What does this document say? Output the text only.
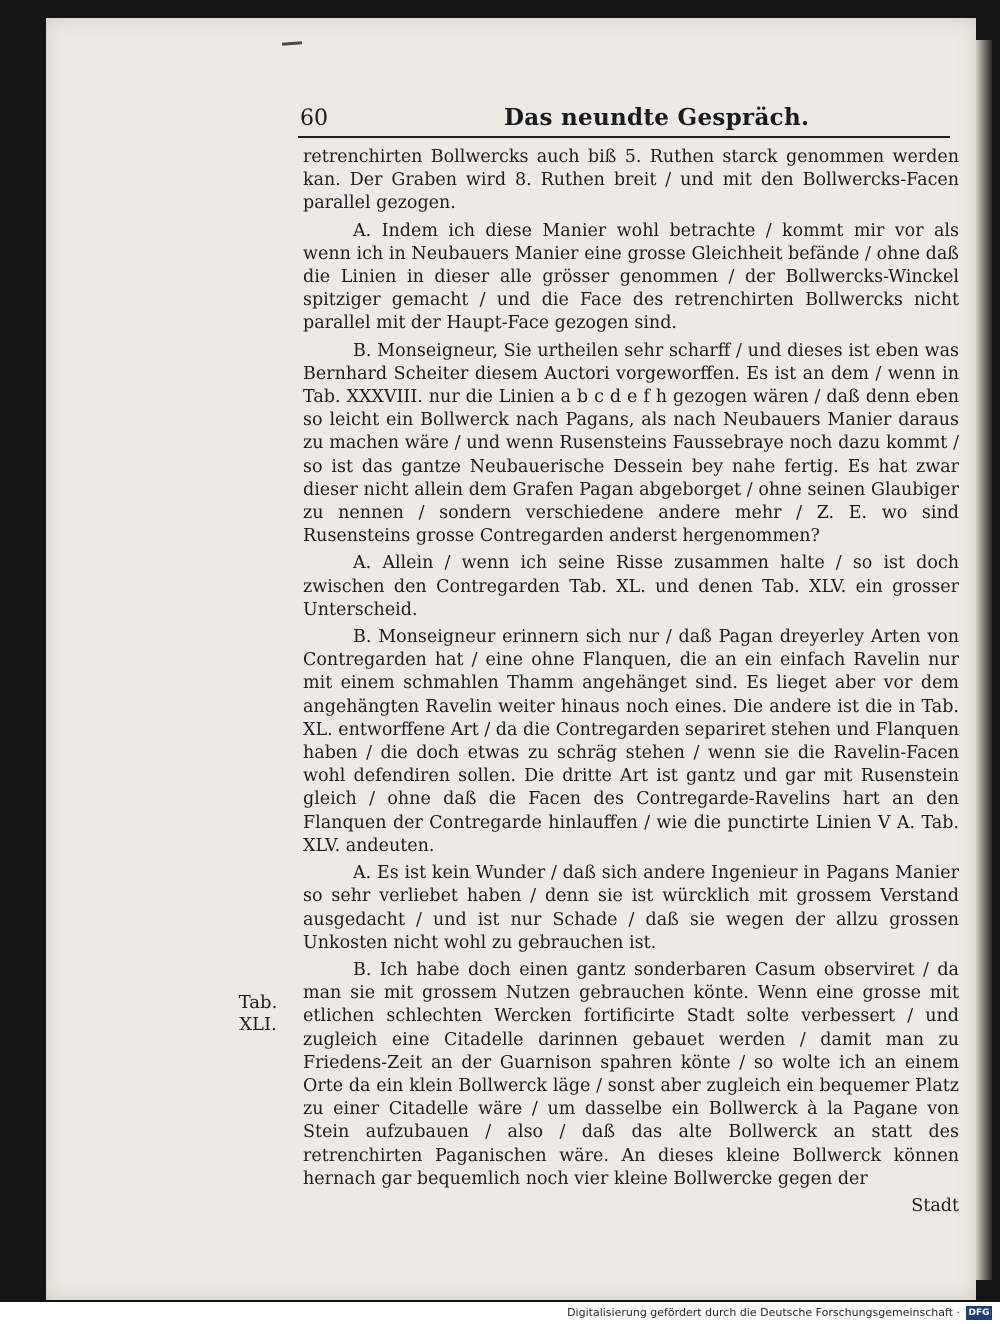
60	Das neundte Gespräch.

retrenchirten Bollwercks auch biß 5. Ruthen starck genommen werden kan. Der Graben wird 8. Ruthen breit / und mit den Bollwercks-Facen parallel gezogen.

A. Indem ich diese Manier wohl betrachte / kommt mir vor als wenn ich in Neubauers Manier eine grosse Gleichheit befände / ohne daß die Linien in dieser alle grösser genommen / der Bollwercks-Winckel spitziger gemacht / und die Face des retrenchirten Bollwercks nicht parallel mit der Haupt-Face gezogen sind.

B. Monseigneur, Sie urtheilen sehr scharff / und dieses ist eben was Bernhard Scheiter diesem Auctori vorgeworffen. Es ist an dem / wenn in Tab. XXXVIII. nur die Linien a b c d e f h gezogen wären / daß denn eben so leicht ein Bollwerck nach Pagans, als nach Neubauers Manier daraus zu machen wäre / und wenn Rusensteins Faussebraye noch dazu kommt / so ist das gantze Neubauerische Dessein bey nahe fertig. Es hat zwar dieser nicht allein dem Grafen Pagan abgeborget / ohne seinen Glaubiger zu nennen / sondern verschiedene andere mehr / Z. E. wo sind Rusensteins grosse Contregarden anderst hergenommen?

A. Allein / wenn ich seine Risse zusammen halte / so ist doch zwischen den Contregarden Tab. XL. und denen Tab. XLV. ein grosser Unterscheid.

B. Monseigneur erinnern sich nur / daß Pagan dreyerley Arten von Contregarden hat / eine ohne Flanquen, die an ein einfach Ravelin nur mit einem schmahlen Thamm angehänget sind. Es lieget aber vor dem angehängten Ravelin weiter hinaus noch eines. Die andere ist die in Tab. XL. entworffene Art / da die Contregarden separiret stehen und Flanquen haben / die doch etwas zu schräg stehen / wenn sie die Ravelin-Facen wohl defendiren sollen. Die dritte Art ist gantz und gar mit Rusenstein gleich / ohne daß die Facen des Contregarde-Ravelins hart an den Flanquen der Contregarde hinlauffen / wie die punctirte Linien V A. Tab. XLV. andeuten.

A. Es ist kein Wunder / daß sich andere Ingenieur in Pagans Manier so sehr verliebet haben / denn sie ist würcklich mit grossem Verstand ausgedacht / und ist nur Schade / daß sie wegen der allzu grossen Unkosten nicht wohl zu gebrauchen ist.

B. Ich habe doch einen gantz sonderbaren Casum observiret / da man sie mit grossem Nutzen gebrauchen könte. Wenn eine grosse mit etlichen schlechten Wercken fortificirte Stadt solte verbessert / und zugleich eine Citadelle darinnen gebauet werden / damit man zu Friedens-Zeit an der Guarnison spahren könte / so wolte ich an einem Orte da ein klein Bollwerck läge / sonst aber zugleich ein bequemer Platz zu einer Citadelle wäre / um dasselbe ein Bollwerck à la Pagane von Stein aufzubauen / also / daß das alte Bollwerck an statt des retrenchirten Paganischen wäre. An dieses kleine Bollwerck können hernach gar bequemlich noch vier kleine Bollwercke gegen der

Stadt

Tab.
XLI.
Digitalisierung gefördert durch die Deutsche Forschungsgemeinschaft · DFG
